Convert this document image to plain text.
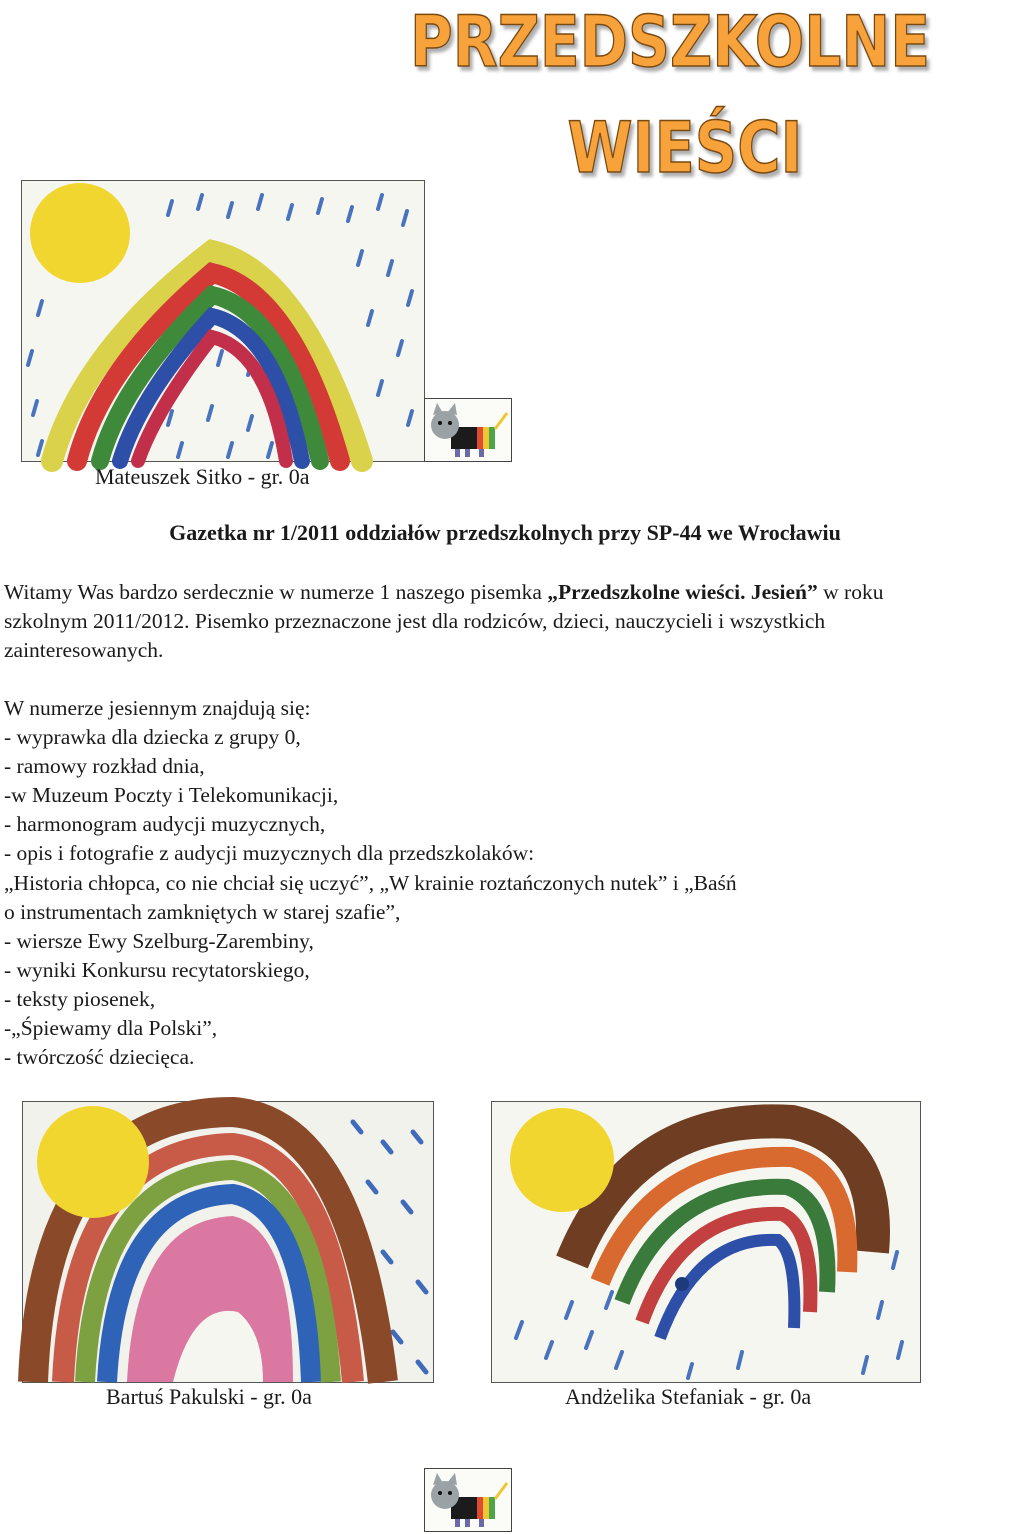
PRZEDSZKOLNE
WIEŚCI
Mateuszek Sitko - gr. 0a
Gazetka nr 1/2011 oddziałów przedszkolnych przy SP-44 we Wrocławiu
Witamy Was bardzo serdecznie w numerze 1 naszego pisemka „Przedszkolne wieści. Jesień” w roku szkolnym 2011/2012. Pisemko przeznaczone jest dla rodziców, dzieci, nauczycieli i wszystkich zainteresowanych.
W numerze jesiennym znajdują się:
- wyprawka dla dziecka z grupy 0,
- ramowy rozkład dnia,
-w Muzeum Poczty i Telekomunikacji,
- harmonogram audycji muzycznych,
- opis i fotografie z audycji muzycznych dla przedszkolaków:
„Historia chłopca, co nie chciał się uczyć”, „W krainie roztańczonych nutek” i „Baśń
o instrumentach zamkniętych w starej szafie”,
- wiersze Ewy Szelburg-Zarembiny,
- wyniki Konkursu recytatorskiego,
- teksty piosenek,
-„Śpiewamy dla Polski”,
- twórczość dziecięca.
Bartuś Pakulski - gr. 0a	Andżelika Stefaniak - gr. 0a
